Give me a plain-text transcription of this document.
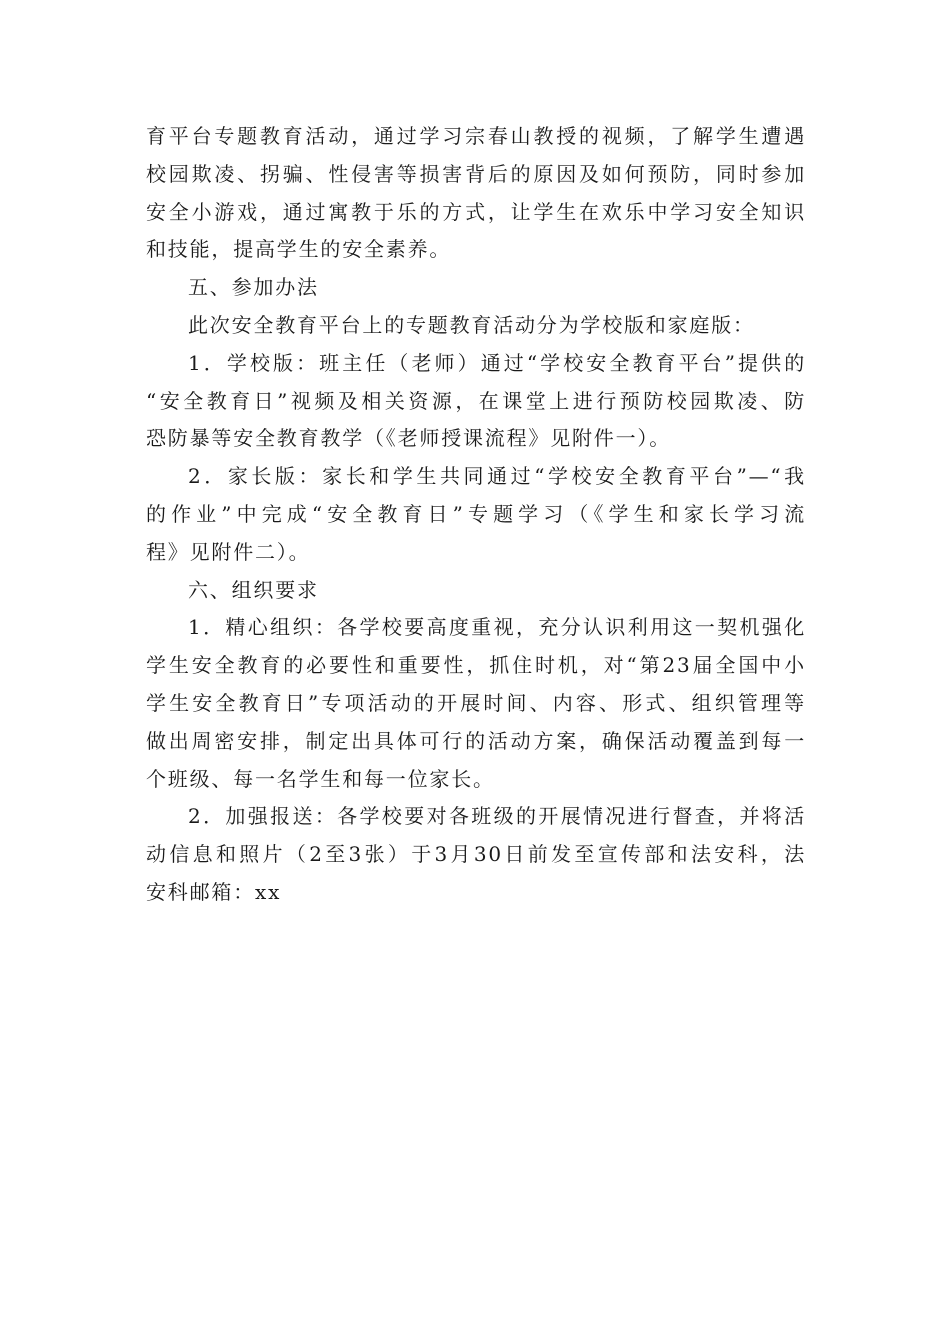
育平台专题教育活动，通过学习宗春山教授的视频，了解学生遭遇
校园欺凌、拐骗、性侵害等损害背后的原因及如何预防，同时参加
安全小游戏，通过寓教于乐的方式，让学生在欢乐中学习安全知识
和技能，提高学生的安全素养。
五、参加办法
此次安全教育平台上的专题教育活动分为学校版和家庭版：
1．学校版：班主任（老师）通过“学校安全教育平台”提供的
“安全教育日”视频及相关资源，在课堂上进行预防校园欺凌、防
恐防暴等安全教育教学（《老师授课流程》见附件一）。
2．家长版：家长和学生共同通过“学校安全教育平台”—“我
的作业”中完成“安全教育日”专题学习（《学生和家长学习流
程》见附件二）。
六、组织要求
1．精心组织：各学校要高度重视，充分认识利用这一契机强化
学生安全教育的必要性和重要性，抓住时机，对“第23届全国中小
学生安全教育日”专项活动的开展时间、内容、形式、组织管理等
做出周密安排，制定出具体可行的活动方案，确保活动覆盖到每一
个班级、每一名学生和每一位家长。
2．加强报送：各学校要对各班级的开展情况进行督查，并将活
动信息和照片（2至3张）于3月30日前发至宣传部和法安科，法
安科邮箱：xx
